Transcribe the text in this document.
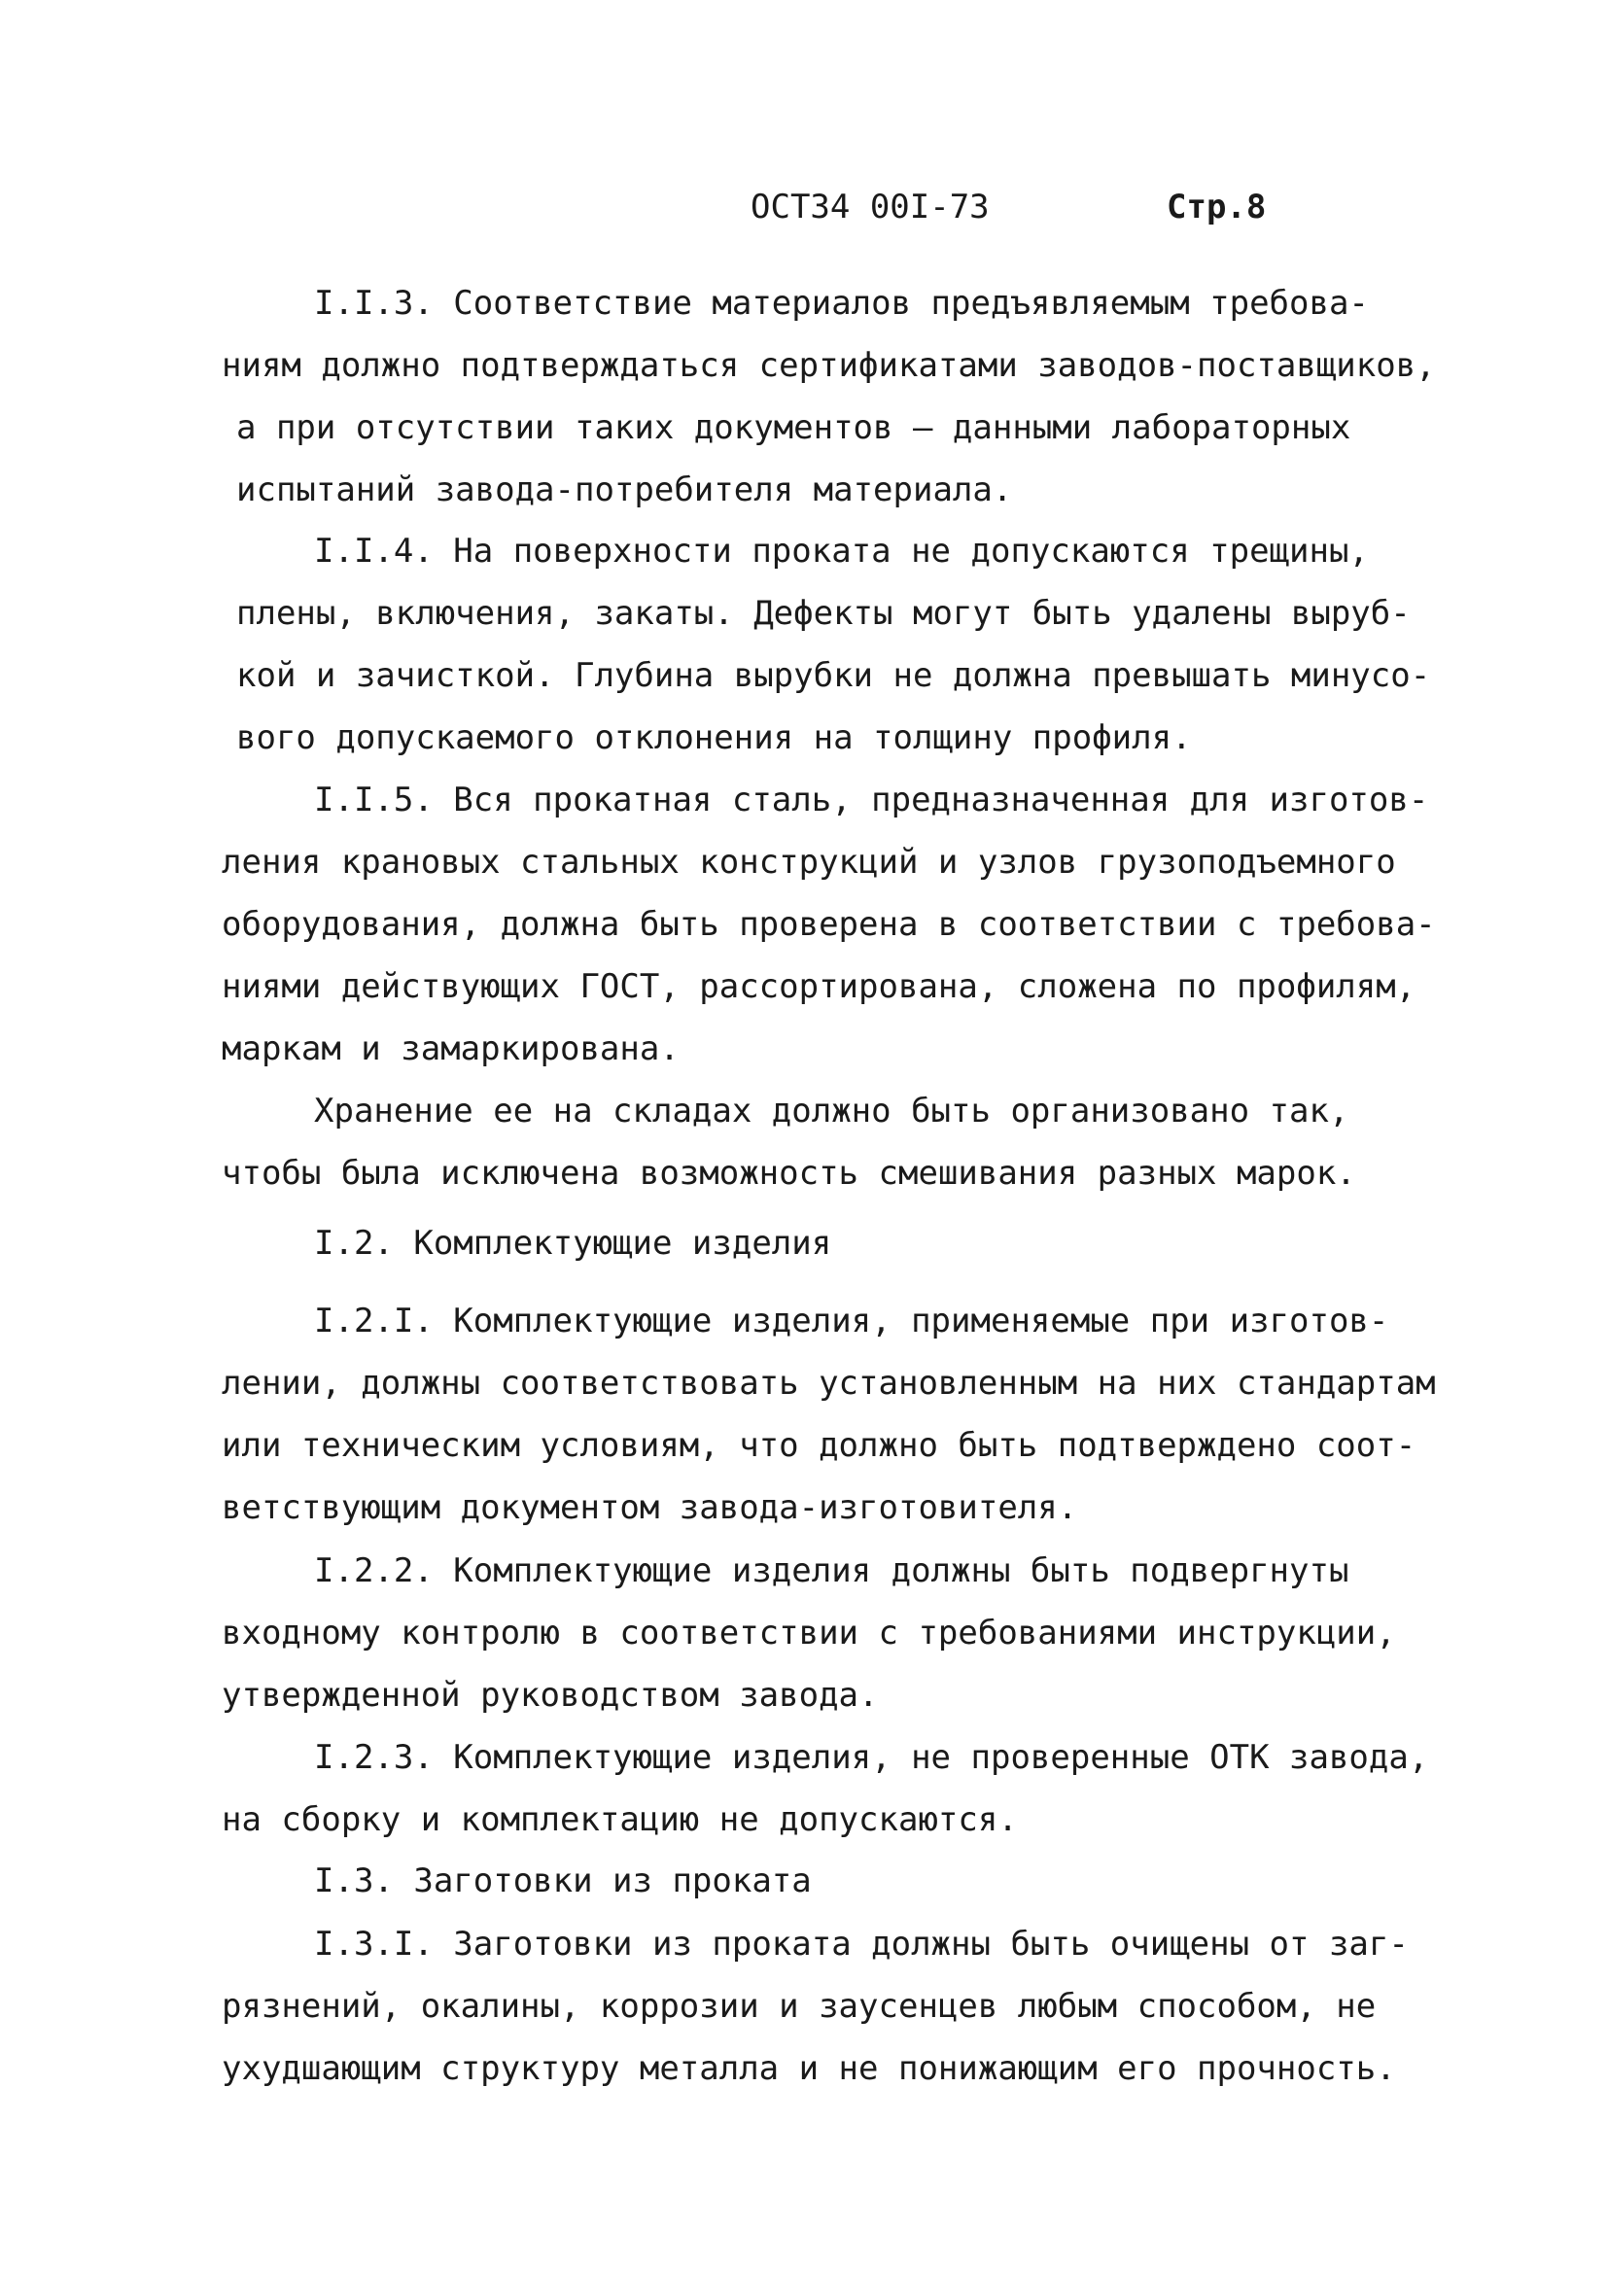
ОСТ34 00I-73	Стр.8
I.I.3. Соответствие материалов предъявляемым требова-
ниям должно подтверждаться сертификатами заводов-поставщиков,
а при отсутствии таких документов – данными лабораторных
испытаний завода-потребителя материала.
I.I.4. На поверхности проката не допускаются трещины,
плены, включения, закаты. Дефекты могут быть удалены выруб-
кой и зачисткой. Глубина вырубки не должна превышать минусо-
вого допускаемого отклонения на толщину профиля.
I.I.5. Вся прокатная сталь, предназначенная для изготов-
ления крановых стальных конструкций и узлов грузоподъемного
оборудования, должна быть проверена в соответствии с требова-
ниями действующих ГОСТ, рассортирована, сложена по профилям,
маркам и замаркирована.
Хранение ее на складах должно быть организовано так,
чтобы была исключена возможность смешивания разных марок.
I.2. Комплектующие изделия
I.2.I. Комплектующие изделия, применяемые при изготов-
лении, должны соответствовать установленным на них стандартам
или техническим условиям, что должно быть подтверждено соот-
ветствующим документом завода-изготовителя.
I.2.2. Комплектующие изделия должны быть подвергнуты
входному контролю в соответствии с требованиями инструкции,
утвержденной руководством завода.
I.2.3. Комплектующие изделия, не проверенные ОТК завода,
на сборку и комплектацию не допускаются.
I.3. Заготовки из проката
I.3.I. Заготовки из проката должны быть очищены от заг-
рязнений, окалины, коррозии и заусенцев любым способом, не
ухудшающим структуру металла и не понижающим его прочность.
